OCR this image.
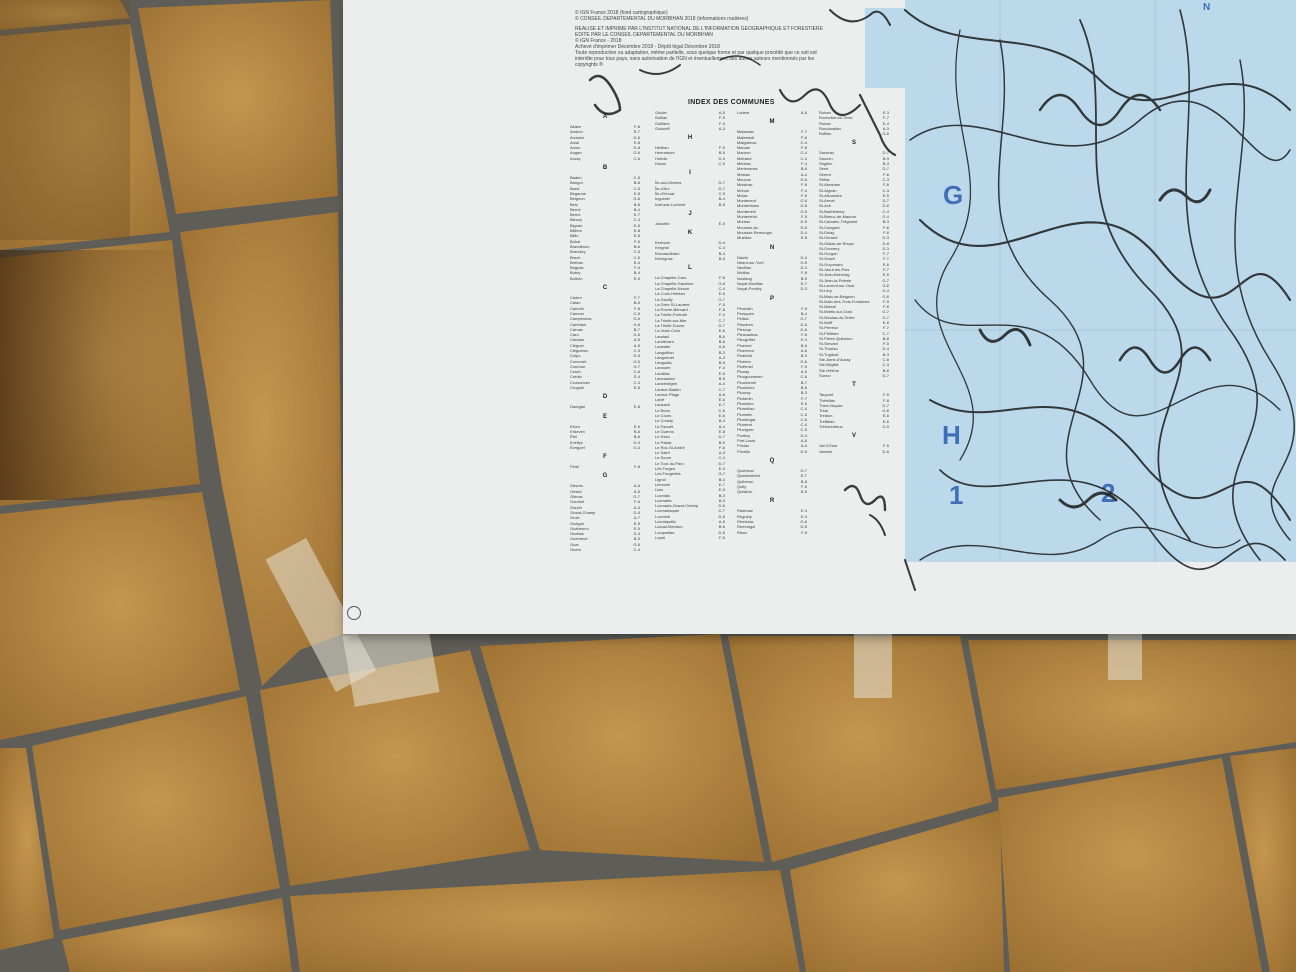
© IGN France 2018 (fond cartographique)
© CONSEIL DÉPARTEMENTAL DU MORBIHAN 2018 (informations routières)
RÉALISÉ ET IMPRIMÉ PAR L'INSTITUT NATIONAL DE L'INFORMATION GÉOGRAPHIQUE ET FORESTIÈRE
ÉDITÉ PAR LE CONSEIL DÉPARTEMENTAL DU MORBIHAN
© IGN France - 2018
Achevé d'imprimer Décembre 2018 - Dépôt légal Décembre 2018
Toute reproduction ou adaptation, même partielle, sous quelque forme et par quelque procédé que ce soit est
interdite pour tous pays, sans autorisation de l'IGN et éventuellement des autres auteurs mentionnés par les
copyrights ®
INDEX DES COMMUNES
A
Allaire	F-8
Ambon	E-7
Arradon	D-6
Arzal	E-8
Arzon	D-8
Augan	G-6
Auray	C-6
B
Baden	C-6
Bangor	B-8
Baud	C-5
Beganne	E-8
Beignon	G-6
Belz	B-6
Berné	B-4
Berric	E-7
Bieuzy	C-4
Bignan	D-5
Billiers	E-8
Billio	E-5
Bohal	F-6
Brandérion	B-6
Brandivy	C-5
Brech	C-6
Bréhan	E-4
Brignac	F-4
Bubry	B-4
Buléon	E-5
C
Caden	F-7
Calan	B-5
Camoël	F-8
Camors	C-5
Campénéac	G-5
Carentoir	H-6
Carnac	B-7
Caro	G-6
Caudan	A-5
Cléguer	A-5
Cléguérec	C-3
Colpo	D-5
Concoret	G-5
Cournon	H-7
Crach	C-6
Crédin	E-4
Croixanvec	C-3
Cruguel	E-5
D
Damgan	E-8
E
Elven	E-6
Erdeven	B-6
Étel	B-6
Evellys	D-4
Évriguet	G-4
F
Férel	F-8
G
Gâvres	A-6
Gestel	A-5
Glénac	G-7
Gourhel	F-6
Gourin	A-3
Grand-Champ	D-5
Groix	A-7
Guégon	E-5
Guéhenno	E-5
Gueltas	D-3
Guémené	B-3
Guer	G-6
Guern	C-4
Guidel	A-5
Guillac	F-5
Guilliers	F-4
Guiscriff	A-3
H
Helléan	F-5
Hennebont	B-5
Hoëdic	D-9
Houat	C-9
I
Île-aux-Moines	D-7
Île-d'Arz	D-7
Île-d'Houat	C-9
Inguiniel	B-4
Inzinzac-Lochrist	B-5
J
Josselin	E-5
K
Kerfourn	D-4
Kergrist	C-4
Kernascléden	B-4
Kervignac	B-5
L
La Chapelle-Caro	F-6
La Chapelle-Gaceline	G-6
La Chapelle-Neuve	C-4
La Croix-Helléan	E-5
La Gacilly	G-7
La Grée-St-Laurent	F-5
La Roche-Bernard	F-8
La Trinité-Porhoët	F-4
La Trinité-sur-Mer	C-7
La Trinité-Surzur	D-7
La Vraie-Croix	E-6
Landaul	B-6
Landévant	B-6
Lanester	A-6
Langoëlan	B-3
Langonnet	A-3
Languidic	B-5
Lanouée	F-4
Lantillac	E-5
Lanvaudan	B-5
Lanvénégen	A-4
Larmor-Baden	C-7
Larmor-Plage	A-6
Larré	E-6
Lauzach	E-7
Le Bono	C-6
Le Cours	E-6
Le Croisty	B-3
Le Faouët	A-4
Le Guerno	E-8
Le Hézo	D-7
Le Palais	B-9
Le Roc-St-André	F-6
Le Saint	A-3
Le Sourn	C-4
Le Tour-du-Parc	D-7
Les Forges	E-4
Les Fougerêts	G-7
Lignol	B-4
Limerzel	E-7
Lizio	E-5
Locmalo	B-3
Locmaria	B-9
Locmaria-Grand-Champ	D-6
Locmariaquer	C-7
Locminé	D-5
Locmiquélic	A-6
Locoal-Mendon	B-6
Locqueltas	D-6
Loyat	F-5
Lorient	A-6
M
Malansac	F-7
Malestroit	F-6
Malguénac	C-4
Marzan	F-8
Mauron	G-4
Melrand	C-4
Ménéac	F-4
Merlevenez	B-6
Meslan	A-4
Meucon	D-6
Missiriac	F-6
Mohon	F-4
Molac	F-6
Monteneuf	G-6
Monterblanc	D-6
Monterrein	G-5
Montertelot	F-5
Moréac	D-5
Moustoir-Ac	D-5
Moustoir-Remungol	D-4
Muzillac	E-8
N
Naizin	D-4
Néant-sur-Yvel	G-5
Neulliac	D-3
Nivillac	F-8
Nostang	B-5
Noyal-Muzillac	E-7
Noyal-Pontivy	D-3
P
Pénestin	F-8
Persquen	B-4
Peillac	G-7
Plaudren	D-6
Plescop	D-6
Pleucadeuc	F-6
Pleugriffet	E-4
Ploemel	B-6
Ploemeur	A-6
Ploërdut	B-3
Ploeren	D-6
Ploërmel	F-5
Plouay	A-5
Plougoumelen	C-6
Plouharnel	B-7
Plouhinec	B-6
Plouray	B-3
Pluherlin	F-7
Plumelec	E-6
Pluméliau	C-4
Plumelin	C-5
Plumergat	C-6
Pluneret	C-6
Pluvigner	C-5
Pontivy	D-4
Port-Louis	A-6
Priziac	A-4
Privelin	D-6
Q
Quelneuc	G-7
Questembert	E-7
Quiberon	B-8
Quily	F-5
Quistinic	B-5
R
Radenac	E-4
Réguiny	E-4
Réminiac	G-6
Remungol	D-5
Rieux	F-8
Rohan	E-3
Rochefort-en-Terre	F-7
Rohan	E-4
Roudouallec	A-3
Ruffiac	G-6
S
Sarzeau	D-7
Sauzon	B-9
Séglien	B-3
Sené	D-7
Sérent	F-6
Silfiac	C-3
St-Abraham	F-6
St-Aignan	C-3
St-Allouestre	E-5
St-Armel	D-7
St-Avé	D-6
St-Barthélemy	C-4
St-Brieuc-de-Mauron	G-4
St-Caradec-Trégomel	B-3
St-Congard	F-6
St-Dolay	F-8
St-Gérand	D-3
St-Gildas-de-Rhuys	D-8
St-Gonnery	D-3
St-Gorgon	F-7
St-Gravé	F-7
St-Guyomard	E-6
St-Jacut-les-Pins	F-7
St-Jean-Brévelay	E-5
St-Jean-la-Poterie	G-7
St-Laurent-sur-Oust	G-6
St-Léry	G-4
St-Malo-de-Beignon	G-6
St-Malo-des-Trois-Fontaines	F-5
St-Marcel	F-6
St-Martin-sur-Oust	G-7
St-Nicolas-du-Tertre	G-7
St-Nolff	E-6
St-Perreux	F-7
St-Philibert	C-7
St-Pierre-Quiberon	B-8
St-Servant	F-5
St-Thuriau	D-4
St-Tugdual	B-3
Ste-Anne-d'Auray	C-6
Ste-Brigitte	C-3
Ste-Hélène	B-6
Surzur	D-7
T
Taupont	F-5
Théhillac	F-8
Theix-Noyalo	D-7
Tréal	G-6
Trédion	E-6
Treffléan	E-6
Tréhorenteuc	G-5
V
Val d'Oust	F-5
Vannes	D-6
G
H
1	2
N
